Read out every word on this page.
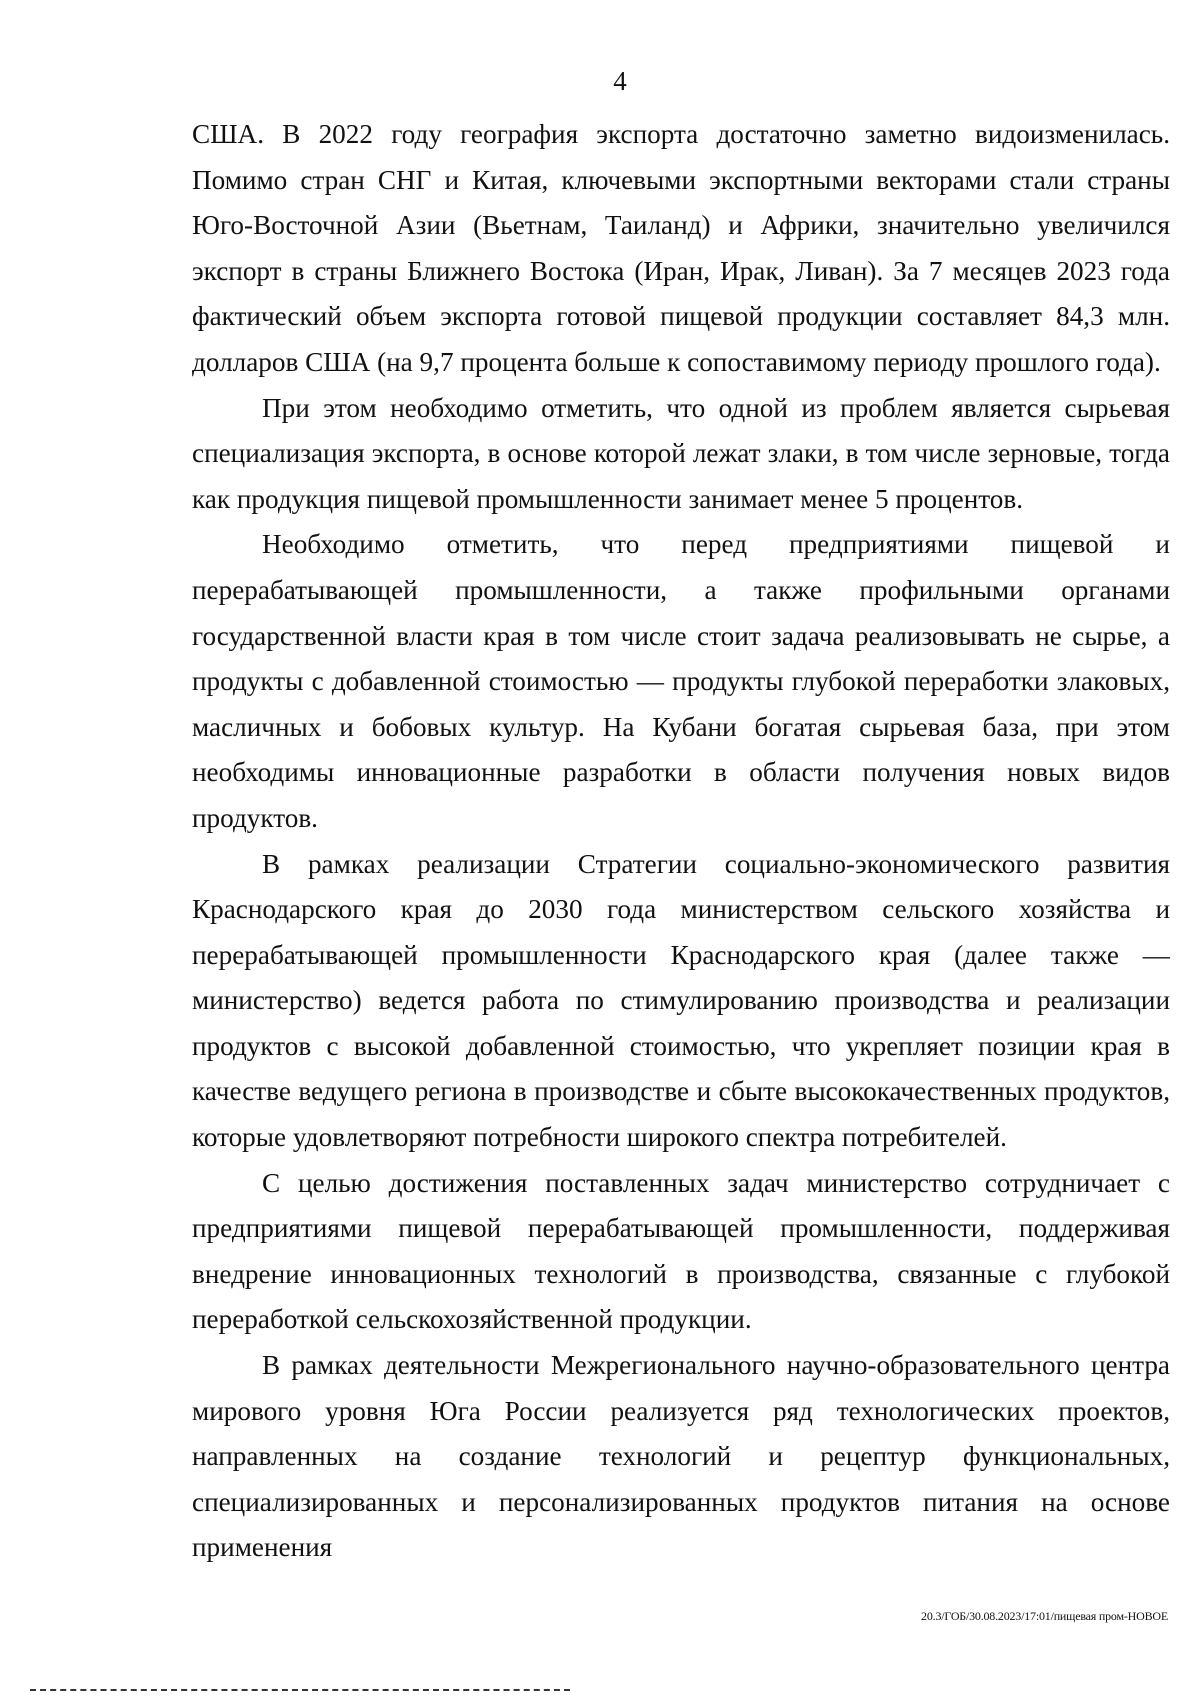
4

США. В 2022 году география экспорта достаточно заметно видоизменилась. Помимо стран СНГ и Китая, ключевыми экспортными векторами стали страны Юго-Восточной Азии (Вьетнам, Таиланд) и Африки, значительно увеличился экспорт в страны Ближнего Востока (Иран, Ирак, Ливан). За 7 месяцев 2023 года фактический объем экспорта готовой пищевой продукции составляет 84,3 млн. долларов США (на 9,7 процента больше к сопоставимому периоду прошлого года).

При этом необходимо отметить, что одной из проблем является сырьевая специализация экспорта, в основе которой лежат злаки, в том числе зерновые, тогда как продукция пищевой промышленности занимает менее 5 процентов.

Необходимо отметить, что перед предприятиями пищевой и перерабатывающей промышленности, а также профильными органами государственной власти края в том числе стоит задача реализовывать не сырье, а продукты с добавленной стоимостью — продукты глубокой переработки злаковых, масличных и бобовых культур. На Кубани богатая сырьевая база, при этом необходимы инновационные разработки в области получения новых видов продуктов.

В рамках реализации Стратегии социально-экономического развития Краснодарского края до 2030 года министерством сельского хозяйства и перерабатывающей промышленности Краснодарского края (далее также — министерство) ведется работа по стимулированию производства и реализации продуктов с высокой добавленной стоимостью, что укрепляет позиции края в качестве ведущего региона в производстве и сбыте высококачественных продуктов, которые удовлетворяют потребности широкого спектра потребителей.

С целью достижения поставленных задач министерство сотрудничает с предприятиями пищевой перерабатывающей промышленности, поддерживая внедрение инновационных технологий в производства, связанные с глубокой переработкой сельскохозяйственной продукции.

В рамках деятельности Межрегионального научно-образовательного центра мирового уровня Юга России реализуется ряд технологических проектов, направленных на создание технологий и рецептур функциональных, специализированных и персонализированных продуктов питания на основе применения

20.3/ГОБ/30.08.2023/17:01/пищевая пром-НОВОЕ
